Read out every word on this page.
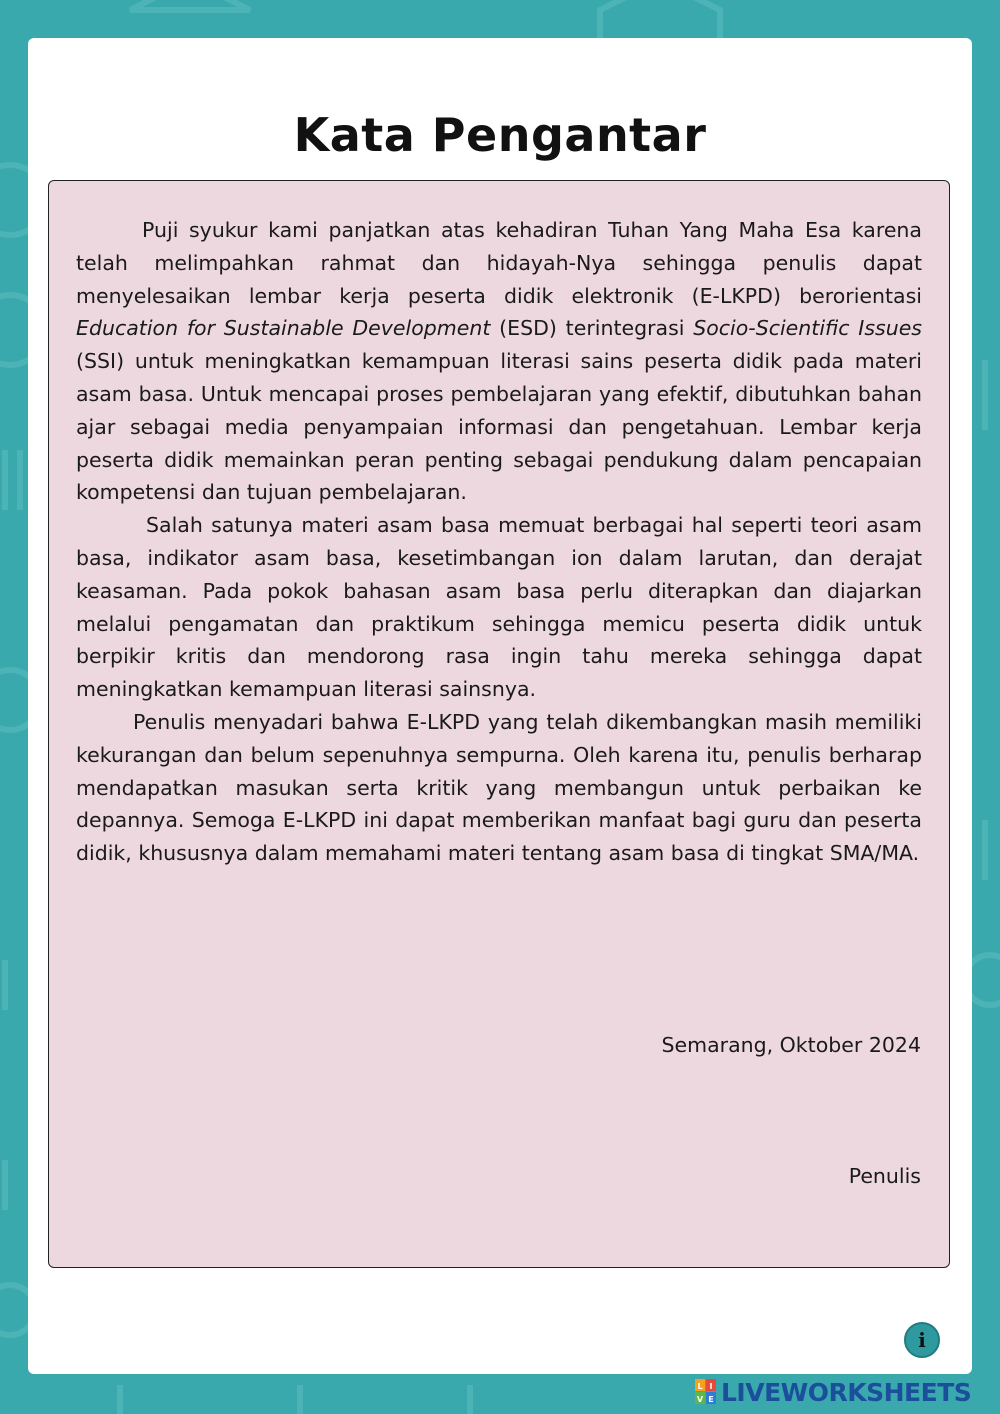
Kata Pengantar

Puji syukur kami panjatkan atas kehadiran Tuhan Yang Maha Esa karena telah melimpahkan rahmat dan hidayah-Nya sehingga penulis dapat menyelesaikan lembar kerja peserta didik elektronik (E-LKPD) berorientasi Education for Sustainable Development (ESD) terintegrasi Socio-Scientific Issues (SSI) untuk meningkatkan kemampuan literasi sains peserta didik pada materi asam basa. Untuk mencapai proses pembelajaran yang efektif, dibutuhkan bahan ajar sebagai media penyampaian informasi dan pengetahuan. Lembar kerja peserta didik memainkan peran penting sebagai pendukung dalam pencapaian kompetensi dan tujuan pembelajaran.

Salah satunya materi asam basa memuat berbagai hal seperti teori asam basa, indikator asam basa, kesetimbangan ion dalam larutan, dan derajat keasaman. Pada pokok bahasan asam basa perlu diterapkan dan diajarkan melalui pengamatan dan praktikum sehingga memicu peserta didik untuk berpikir kritis dan mendorong rasa ingin tahu mereka sehingga dapat meningkatkan kemampuan literasi sainsnya.

Penulis menyadari bahwa E-LKPD yang telah dikembangkan masih memiliki kekurangan dan belum sepenuhnya sempurna. Oleh karena itu, penulis berharap mendapatkan masukan serta kritik yang membangun untuk perbaikan ke depannya. Semoga E-LKPD ini dapat memberikan manfaat bagi guru dan peserta didik, khususnya dalam memahami materi tentang asam basa di tingkat SMA/MA.

Semarang, Oktober 2024
Penulis
i
L I
V E LIVEWORKSHEETS
